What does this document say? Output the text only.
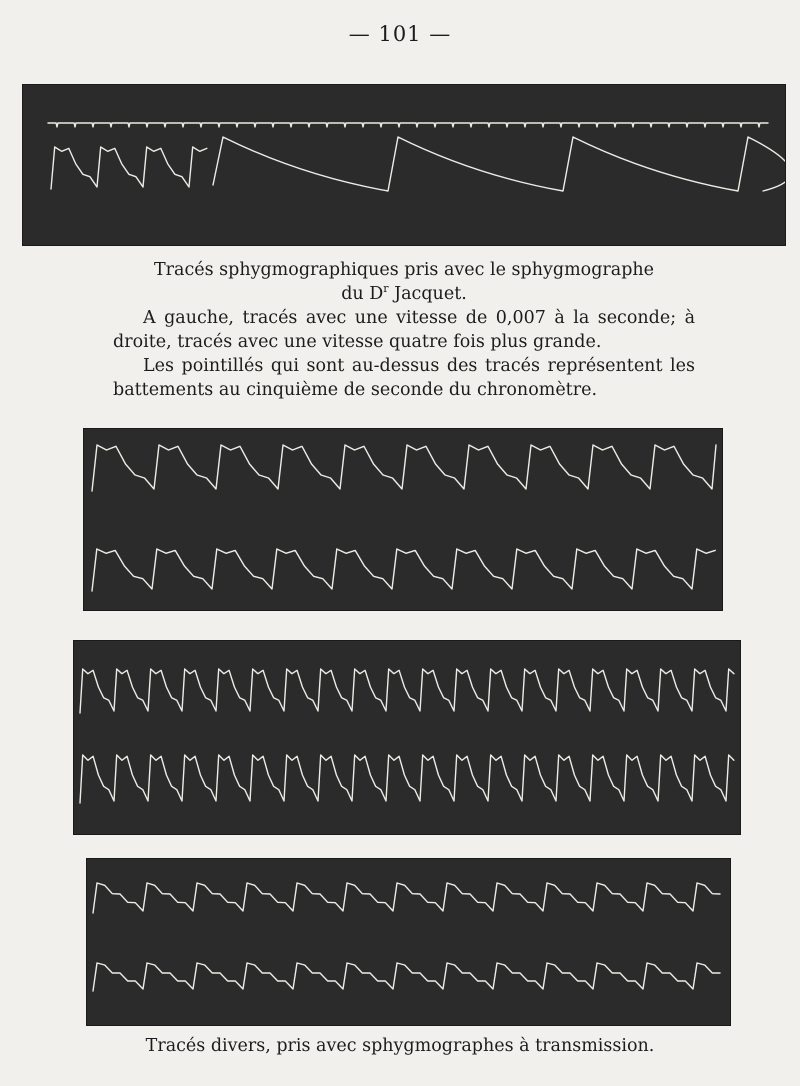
— 101 —
Tracés sphygmographiques pris avec le sphygmographe
du $D^r$ Jacquet.

A gauche, tracés avec une vitesse de 0,007 à la seconde; à droite, tracés avec une vitesse quatre fois plus grande.

Les pointillés qui sont au-dessus des tracés représentent les battements au cinquième de seconde du chronomètre.

Tracés divers, pris avec sphygmographes à transmission.
